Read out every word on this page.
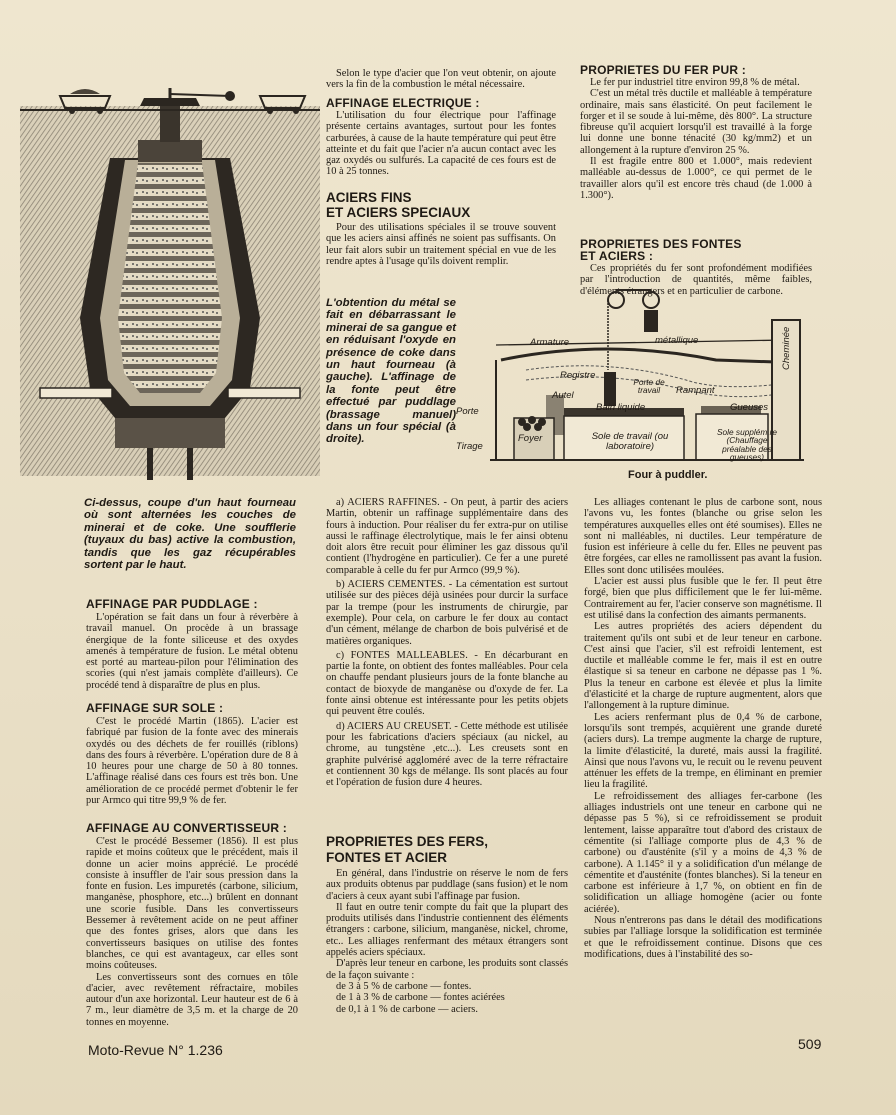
Ci-dessus, coupe d'un haut fourneau où sont alternées les couches de minerai et de coke. Une soufflerie (tuyaux du bas) active la combustion, tandis que les gaz récupérables sortent par le haut.
AFFINAGE PAR PUDDLAGE :

L'opération se fait dans un four à réverbère à travail manuel. On procède à un brassage énergique de la fonte siliceuse et des oxydes amenés à température de fusion. Le métal obtenu est porté au marteau-pilon pour l'élimination des scories (qui n'est jamais complète d'ailleurs). Ce procédé tend à disparaître de plus en plus.

AFFINAGE SUR SOLE :

C'est le procédé Martin (1865). L'acier est fabriqué par fusion de la fonte avec des minerais oxydés ou des déchets de fer rouillés (riblons) dans des fours à réverbère. L'opération dure de 8 à 10 heures pour une charge de 50 à 80 tonnes. L'affinage réalisé dans ces fours est très bon. Une amélioration de ce procédé permet d'obtenir le fer pur Armco qui titre 99,9 % de fer.

AFFINAGE AU CONVERTISSEUR :

C'est le procédé Bessemer (1856). Il est plus rapide et moins coûteux que le précédent, mais il donne un acier moins apprécié. Le procédé consiste à insuffler de l'air sous pression dans la fonte en fusion. Les impuretés (carbone, silicium, manganèse, phosphore, etc...) brûlent en donnant une scorie fusible. Dans les convertisseurs Bessemer à revêtement acide on ne peut affiner que des fontes grises, alors que dans les convertisseurs basiques on utilise des fontes blanches, ce qui est avantageux, car elles sont moins coûteuses.

Les convertisseurs sont des cornues en tôle d'acier, avec revêtement réfractaire, mobiles autour d'un axe horizontal. Leur hauteur est de 6 à 7 m., leur diamètre de 3,5 m. et la charge de 20 tonnes en moyenne.

Selon le type d'acier que l'on veut obtenir, on ajoute vers la fin de la combustion le métal nécessaire.

AFFINAGE ELECTRIQUE :

L'utilisation du four électrique pour l'affinage présente certains avantages, surtout pour les fontes carburées, à cause de la haute température qui peut être atteinte et du fait que l'acier n'a aucun contact avec les gaz oxydés ou sulfurés. La capacité de ces fours est de 10 à 25 tonnes.

ACIERS FINS
ET ACIERS SPECIAUX

Pour des utilisations spéciales il se trouve souvent que les aciers ainsi affinés ne soient pas suffisants. On leur fait alors subir un traitement spécial en vue de les rendre aptes à l'usage qu'ils doivent remplir.

L'obtention du métal se fait en débarrassant le minerai de sa gangue et en réduisant l'oxyde en présence de coke dans un haut fourneau (à gauche). L'affinage de la fonte peut être effectué par puddlage (brassage manuel) dans un four spécial (à droite).
PROPRIETES DU FER PUR :

Le fer pur industriel titre environ 99,8 % de métal.

C'est un métal très ductile et malléable à température ordinaire, mais sans élasticité. On peut facilement le forger et il se soude à lui-même, dès 800°. La structure fibreuse qu'il acquiert lorsqu'il est travaillé à la forge lui donne une bonne ténacité (30 kg/mm2) et un allongement à la rupture d'environ 25 %.

Il est fragile entre 800 et 1.000°, mais redevient malléable au-dessus de 1.000°, ce qui permet de le travailler alors qu'il est encore très chaud (de 1.000 à 1.300°).

PROPRIETES DES FONTES
ET ACIERS :

Ces propriétés du fer sont profondément modifiées par l'introduction de quantités, même faibles, d'éléments étrangers et en particulier de carbone.

Armature	métallique	Cheminée
Registre
Porte de travail	Rampant
Autel
Bain liquide	Gueuses
Porte
Foyer
Tirage
Sole de travail (ou laboratoire)
Sole supplém.re (Chauffage préalable des gueuses)
Four à puddler.

a) ACIERS RAFFINES. - On peut, à partir des aciers Martin, obtenir un raffinage supplémentaire dans des fours à induction. Pour réaliser du fer extra-pur on utilise aussi le raffinage électrolytique, mais le fer ainsi obtenu doit alors être recuit pour éliminer les gaz dissous qu'il contient (l'hydrogène en particulier). Ce fer a une pureté comparable à celle du fer pur Armco (99,9 %).

b) ACIERS CEMENTES. - La cémentation est surtout utilisée sur des pièces déjà usinées pour durcir la surface par la trempe (pour les instruments de chirurgie, par exemple). Pour cela, on carbure le fer doux au contact d'un cément, mélange de charbon de bois pulvérisé et de matières organiques.

c) FONTES MALLEABLES. - En décarburant en partie la fonte, on obtient des fontes malléables. Pour cela on chauffe pendant plusieurs jours de la fonte blanche au contact de bioxyde de manganèse ou d'oxyde de fer. La fonte ainsi obtenue est intéressante pour les petits objets qui peuvent être coulés.

d) ACIERS AU CREUSET. - Cette méthode est utilisée pour les fabrications d'aciers spéciaux (au nickel, au chrome, au tungstène ,etc...). Les creusets sont en graphite pulvérisé aggloméré avec de la terre réfractaire et contiennent 30 kgs de mélange. Ils sont placés au four et l'opération de fusion dure 4 heures.

PROPRIETES DES FERS,
FONTES ET ACIER

En général, dans l'industrie on réserve le nom de fers aux produits obtenus par puddlage (sans fusion) et le nom d'aciers à ceux ayant subi l'affinage par fusion.

Il faut en outre tenir compte du fait que la plupart des produits utilisés dans l'industrie contiennent des éléments étrangers : carbone, silicium, manganèse, nickel, chrome, etc.. Les alliages renfermant des métaux étrangers sont appelés aciers spéciaux.

D'après leur teneur en carbone, les produits sont classés de la façon suivante :

de 3 à 5 % de carbone — fontes.

de 1 à 3 % de carbone — fontes aciérées

de 0,1 à 1 % de carbone — aciers.

Les alliages contenant le plus de carbone sont, nous l'avons vu, les fontes (blanche ou grise selon les températures auxquelles elles ont été soumises). Elles ne sont ni malléables, ni ductiles. Leur température de fusion est inférieure à celle du fer. Elles ne peuvent pas être forgées, car elles ne ramollissent pas avant la fusion. Elles sont donc utilisées moulées.

L'acier est aussi plus fusible que le fer. Il peut être forgé, bien que plus difficilement que le fer lui-même. Contrairement au fer, l'acier conserve son magnétisme. Il est utilisé dans la confection des aimants permanents.

Les autres propriétés des aciers dépendent du traitement qu'ils ont subi et de leur teneur en carbone. C'est ainsi que l'acier, s'il est refroidi lentement, est ductile et malléable comme le fer, mais il est en outre élastique si sa teneur en carbone ne dépasse pas 1 %. Plus la teneur en carbone est élevée et plus la limite d'élasticité et la charge de rupture augmentent, alors que l'allongement à la rupture diminue.

Les aciers renfermant plus de 0,4 % de carbone, lorsqu'ils sont trempés, acquièrent une grande dureté (aciers durs). La trempe augmente la charge de rupture, la limite d'élasticité, la dureté, mais aussi la fragilité. Ainsi que nous l'avons vu, le recuit ou le revenu peuvent atténuer les effets de la trempe, en éliminant en premier lieu la fragilité.

Le refroidissement des alliages fer-carbone (les alliages industriels ont une teneur en carbone qui ne dépasse pas 5 %), si ce refroidissement se produit lentement, laisse apparaître tout d'abord des cristaux de cémentite (si l'alliage comporte plus de 4,3 % de carbone) ou d'austénite (s'il y a moins de 4,3 % de carbone). A 1.145° il y a solidification d'un mélange de cémentite et d'austénite (fontes blanches). Si la teneur en carbone est inférieure à 1,7 %, on obtient en fin de solidification un alliage homogène (acier ou fonte aciérée).

Nous n'entrerons pas dans le détail des modifications subies par l'alliage lorsque la solidification est terminée et que le refroidissement continue. Disons que ces modifications, dues à l'instabilité des so-

Moto-Revue N° 1.236	509
